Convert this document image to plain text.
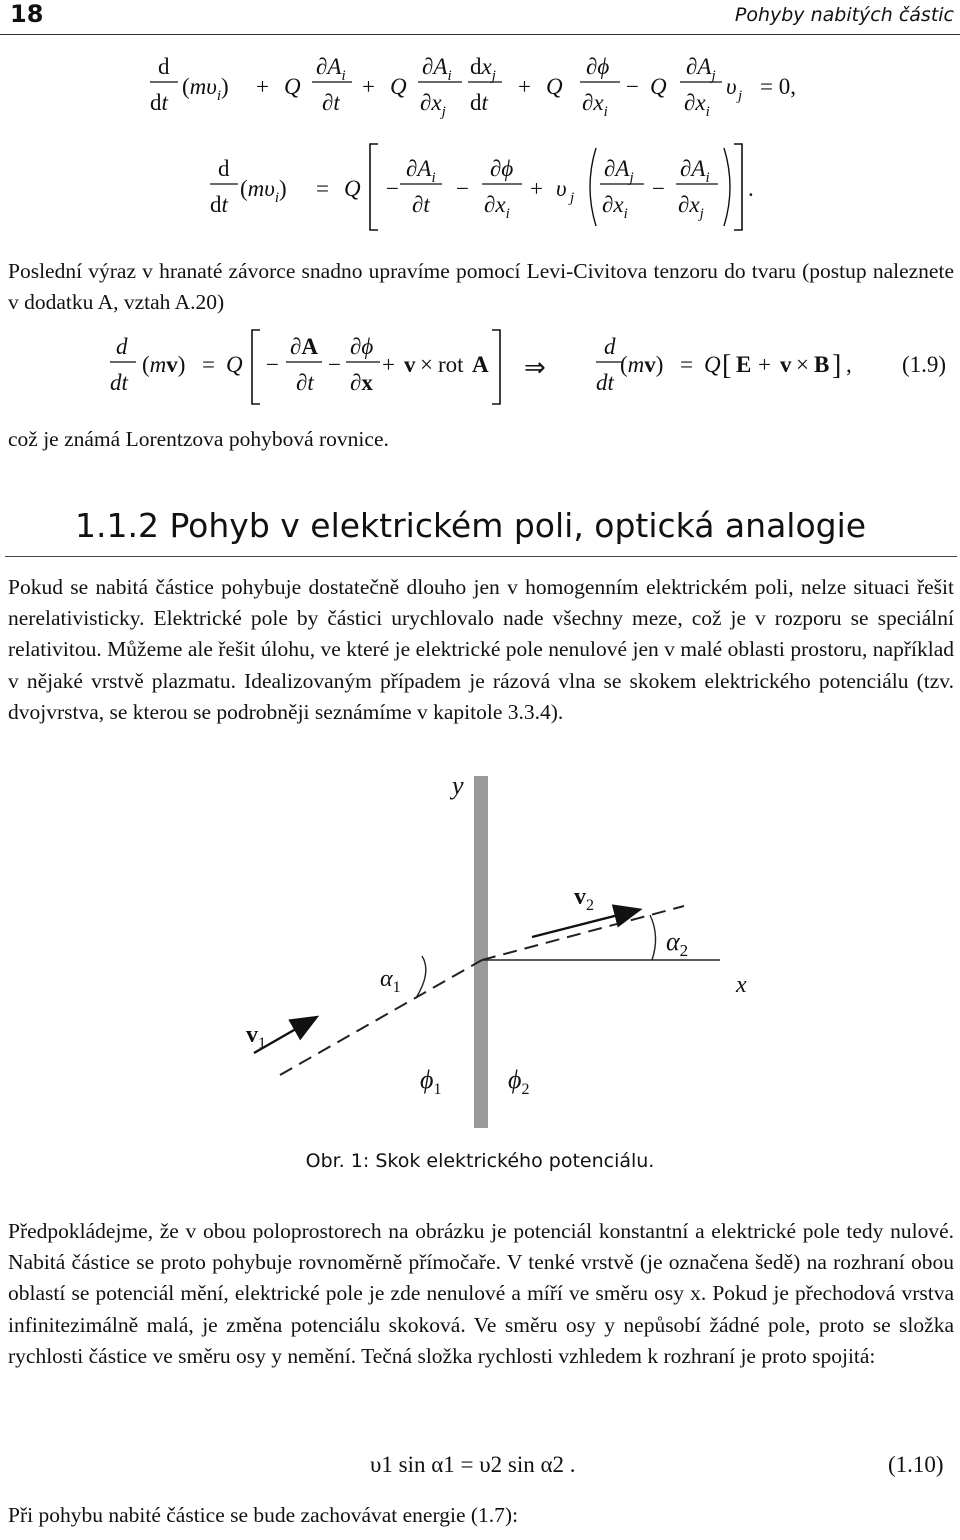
18	Pohyby nabitých částic
d
dt
$(m\upsilon_i) + Q$
$\partial A_i$
∂t
+ Q
$\partial A_i$
$\partial x_j$
$dx_j$
dt
+ Q
∂ϕ
$\partial x_i$
− Q
$\partial A_j$
$\partial x_i$
υ j = 0,
d
dt
$(m\upsilon_i) = Q$ −
$\partial A_i$
∂t
−
∂ϕ
$\partial x_i$
+ υ j
$\partial A_j$
$\partial x_i$
−
$\partial A_i$
$\partial x_j$
.

Poslední výraz v hranaté závorce snadno upravíme pomocí Levi-Civitova tenzoru do tvaru (postup naleznete v dodatku A, vztah A.20)

d
dt
(mv) = Q −
∂A
∂t
−
∂ϕ
∂x
+ v × rot A ⇒
d
dt
(mv) = Q [ E + v × B ] , (1.9)

což je známá Lorentzova pohybová rovnice.

1.1.2 Pohyb v elektrickém poli, optická analogie

Pokud se nabitá částice pohybuje dostatečně dlouho jen v homogenním elektrickém poli, nelze situaci řešit nerelativisticky. Elektrické pole by částici urychlovalo nade všechny meze, což je v rozporu se speciální relativitou. Můžeme ale řešit úlohu, ve které je elektrické pole nenulové jen v malé oblasti prostoru, například v nějaké vrstvě plazmatu. Idealizovaným případem je rázová vlna se skokem elektrického potenciálu (tzv. dvojvrstva, se kterou se podrobněji seznámíme v kapitole 3.3.4).

y
x
$v_1$
$v_2$
$\alpha_1$
$\alpha_2$
$\phi_1$	$\phi_2$
Obr. 1: Skok elektrického potenciálu.

Předpokládejme, že v obou poloprostorech na obrázku je potenciál konstantní a elektrické pole tedy nulové. Nabitá částice se proto pohybuje rovnoměrně přímočaře. V tenké vrstvě (je označena šedě) na rozhraní obou oblastí se potenciál mění, elektrické pole je zde nenulové a míří ve směru osy x. Pokud je přechodová vrstva infinitezimálně malá, je změna potenciálu skoková. Ve směru osy y nepůsobí žádné pole, proto se složka rychlosti částice ve směru osy y nemění. Tečná složka rychlosti vzhledem k rozhraní je proto spojitá:

υ1 sin α1 = υ2 sin α2 .	(1.10)

Při pohybu nabité částice se bude zachovávat energie (1.7):
